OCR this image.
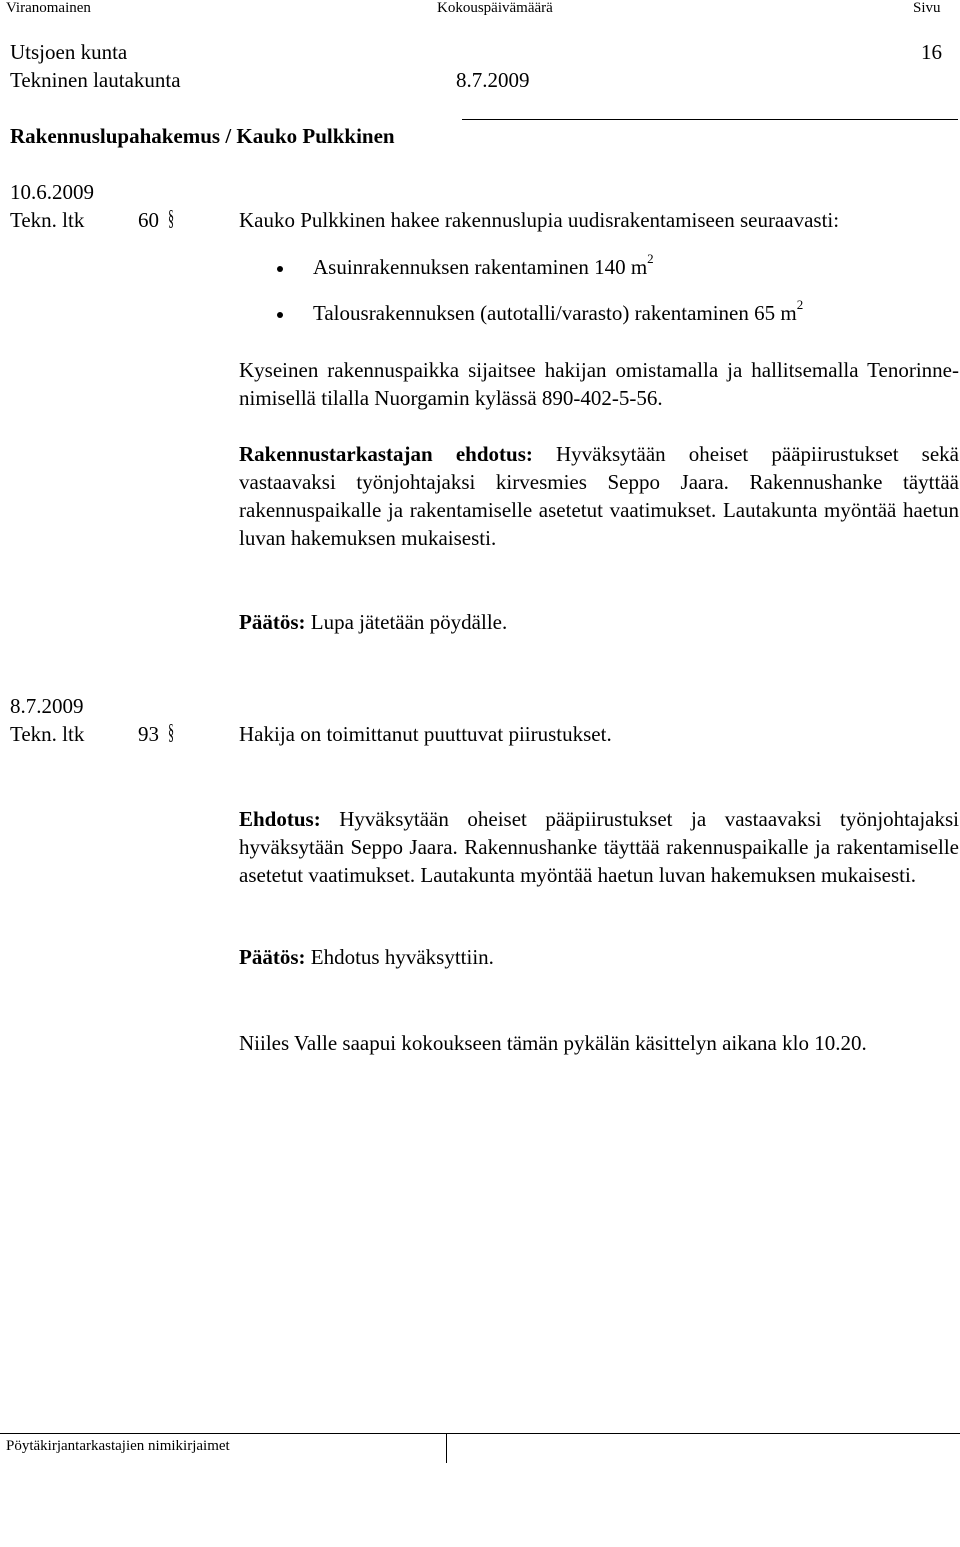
Viranomainen	Kokouspäivämäärä	Sivu
Utsjoen kunta	16
Tekninen lautakunta	8.7.2009
Rakennuslupahakemus / Kauko Pulkkinen
10.6.2009
Tekn. ltk	60 §	Kauko Pulkkinen hakee rakennuslupia uudisrakentamiseen seuraavasti:
Asuinrakennuksen rakentaminen 140 $m^2$
Talousrakennuksen (autotalli/varasto) rakentaminen 65 $m^2$
Kyseinen rakennuspaikka sijaitsee hakijan omistamalla ja hallitsemalla Tenorinne- nimisellä tilalla Nuorgamin kylässä 890-402-5-56.
Rakennustarkastajan ehdotus: Hyväksytään oheiset pääpiirustukset sekä vastaavaksi työnjohtajaksi kirvesmies Seppo Jaara. Rakennushanke täyttää rakennuspaikalle ja rakentamiselle asetetut vaatimukset. Lautakunta myöntää haetun luvan hakemuksen mukaisesti.
Päätös: Lupa jätetään pöydälle.
8.7.2009
Tekn. ltk	93 §	Hakija on toimittanut puuttuvat piirustukset.
Ehdotus: Hyväksytään oheiset pääpiirustukset ja vastaavaksi työnjohtajaksi hyväksytään Seppo Jaara. Rakennushanke täyttää rakennuspaikalle ja rakentamiselle asetetut vaatimukset. Lautakunta myöntää haetun luvan hakemuksen mukaisesti.
Päätös: Ehdotus hyväksyttiin.
Niiles Valle saapui kokoukseen tämän pykälän käsittelyn aikana klo 10.20.
Pöytäkirjantarkastajien nimikirjaimet
